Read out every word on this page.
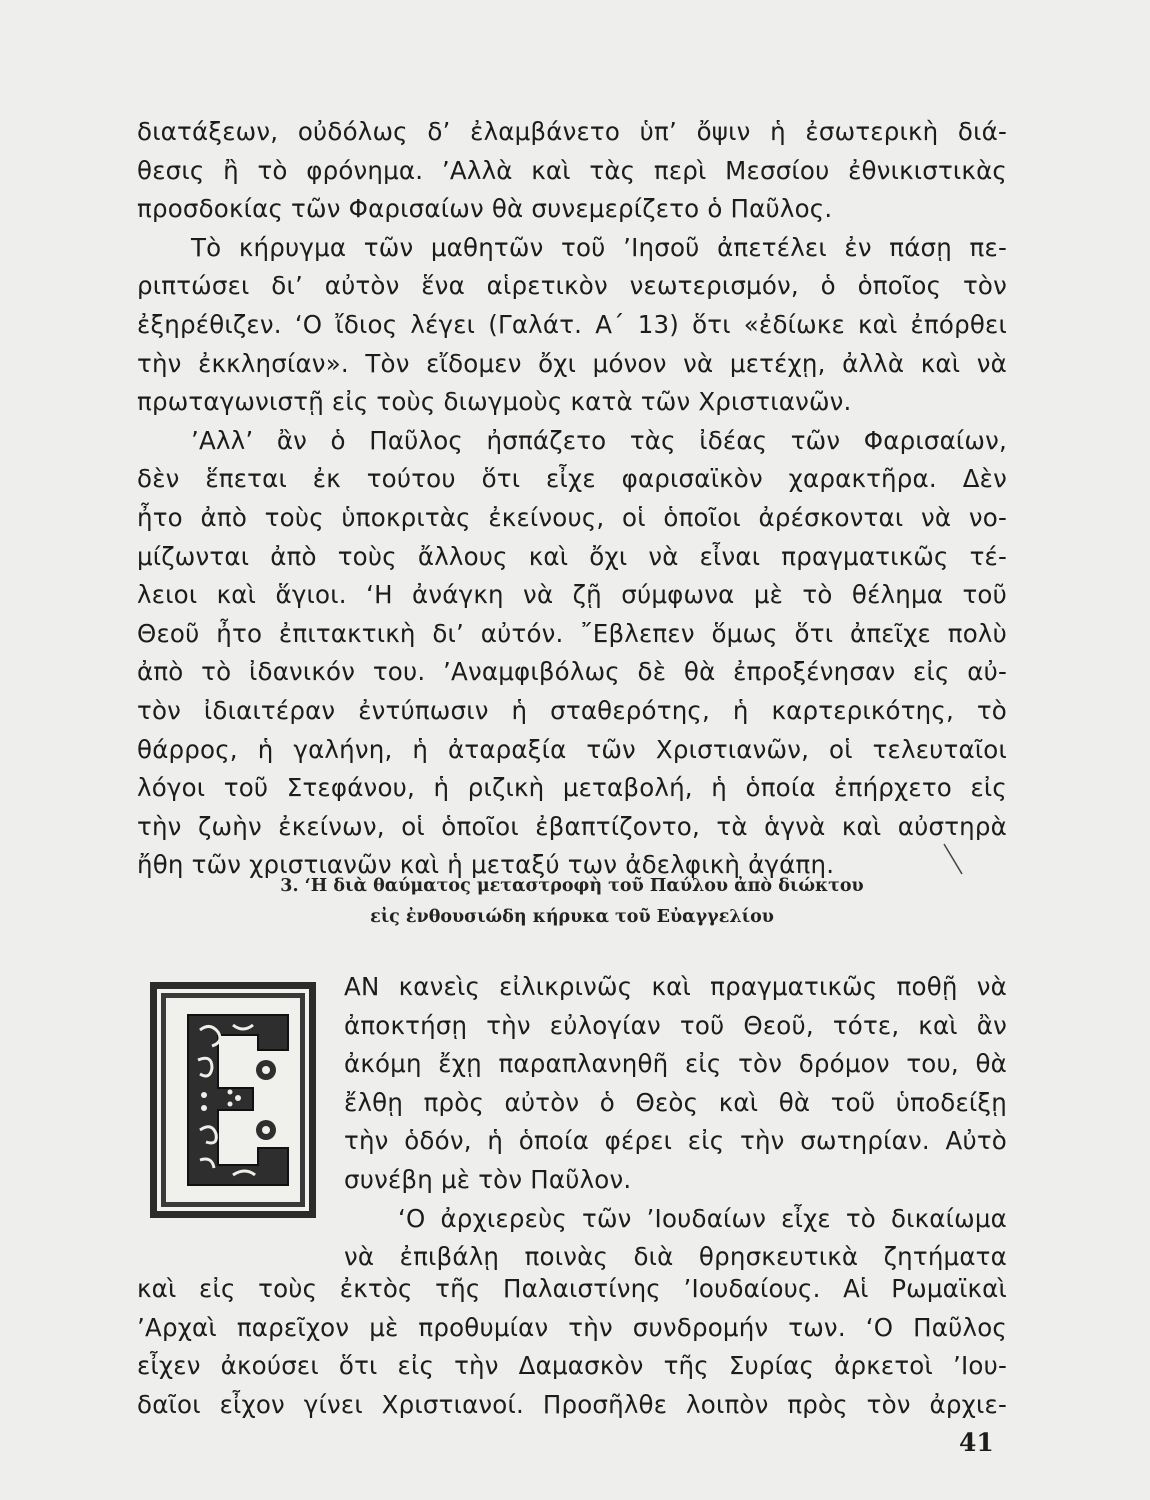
διατάξεων, οὐδόλως δ’ ἐλαμβάνετο ὑπ’ ὄψιν ἡ ἐσωτερικὴ διά-
θεσις ἢ τὸ φρόνημα. ’Αλλὰ καὶ τὰς περὶ Μεσσίου ἐθνικιστικὰς
προσδοκίας τῶν Φαρισαίων θὰ συνεμερίζετο ὁ Παῦλος.
Τὸ κήρυγμα τῶν μαθητῶν τοῦ ’Ιησοῦ ἀπετέλει ἐν πάσῃ πε-
ριπτώσει δι’ αὐτὸν ἕνα αἱρετικὸν νεωτερισμόν, ὁ ὁποῖος τὸν
ἐξηρέθιζεν. ‘Ο ἴδιος λέγει (Γαλάτ. Α΄ 13) ὅτι «ἐδίωκε καὶ ἐπόρθει
τὴν ἐκκλησίαν». Τὸν εἴδομεν ὄχι μόνον νὰ μετέχῃ, ἀλλὰ καὶ νὰ
πρωταγωνιστῇ εἰς τοὺς διωγμοὺς κατὰ τῶν Χριστιανῶν.
’Αλλ’ ἂν ὁ Παῦλος ἠσπάζετο τὰς ἰδέας τῶν Φαρισαίων,
δὲν ἕπεται ἐκ τούτου ὅτι εἶχε φαρισαϊκὸν χαρακτῆρα. Δὲν
ἦτο ἀπὸ τοὺς ὑποκριτὰς ἐκείνους, οἱ ὁποῖοι ἀρέσκονται νὰ νο-
μίζωνται ἀπὸ τοὺς ἄλλους καὶ ὄχι νὰ εἶναι πραγματικῶς τέ-
λειοι καὶ ἅγιοι. ‘Η ἀνάγκη νὰ ζῇ σύμφωνα μὲ τὸ θέλημα τοῦ
Θεοῦ ἦτο ἐπιτακτικὴ δι’ αὐτόν. ῎Εβλεπεν ὅμως ὅτι ἀπεῖχε πολὺ
ἀπὸ τὸ ἰδανικόν του. ’Αναμφιβόλως δὲ θὰ ἐπροξένησαν εἰς αὐ-
τὸν ἰδιαιτέραν ἐντύπωσιν ἡ σταθερότης, ἡ καρτερικότης, τὸ
θάρρος, ἡ γαλήνη, ἡ ἀταραξία τῶν Χριστιανῶν, οἱ τελευταῖοι
λόγοι τοῦ Στεφάνου, ἡ ριζικὴ μεταβολή, ἡ ὁποία ἐπήρχετο εἰς
τὴν ζωὴν ἐκείνων, οἱ ὁποῖοι ἐβαπτίζοντο, τὰ ἁγνὰ καὶ αὐστηρὰ
ἤθη τῶν χριστιανῶν καὶ ἡ μεταξύ των ἀδελφικὴ ἀγάπη.
3. ‘Η διὰ θαύματος μεταστροφὴ τοῦ Παύλου ἀπὸ διώκτου
εἰς ἐνθουσιώδη κήρυκα τοῦ Εὐαγγελίου
ΑΝ κανεὶς εἰλικρινῶς καὶ πραγματικῶς ποθῇ νὰ
ἀποκτήσῃ τὴν εὐλογίαν τοῦ Θεοῦ, τότε, καὶ ἂν
ἀκόμη ἔχῃ παραπλανηθῆ εἰς τὸν δρόμον του, θὰ
ἔλθῃ πρὸς αὐτὸν ὁ Θεὸς καὶ θὰ τοῦ ὑποδείξῃ
τὴν ὁδόν, ἡ ὁποία φέρει εἰς τὴν σωτηρίαν. Αὐτὸ
συνέβη μὲ τὸν Παῦλον.
‘Ο ἀρχιερεὺς τῶν ’Ιουδαίων εἶχε τὸ δικαίωμα
νὰ ἐπιβάλῃ ποινὰς διὰ θρησκευτικὰ ζητήματα
καὶ εἰς τοὺς ἐκτὸς τῆς Παλαιστίνης ’Ιουδαίους. Αἱ Ρωμαϊκαὶ
’Αρχαὶ παρεῖχον μὲ προθυμίαν τὴν συνδρομήν των. ‘Ο Παῦλος
εἶχεν ἀκούσει ὅτι εἰς τὴν Δαμασκὸν τῆς Συρίας ἀρκετοὶ ’Ιου-
δαῖοι εἶχον γίνει Χριστιανοί. Προσῆλθε λοιπὸν πρὸς τὸν ἀρχιε-
41
